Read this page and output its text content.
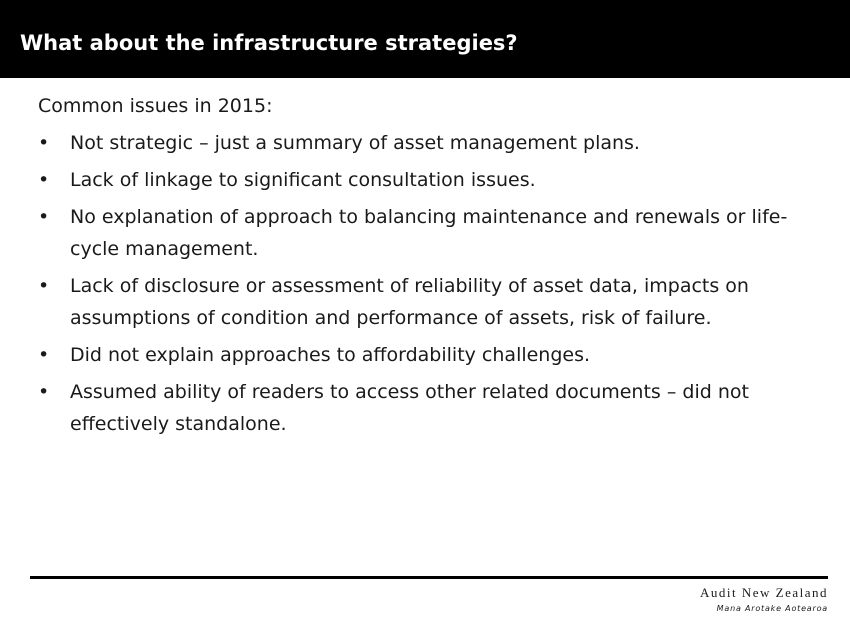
What about the infrastructure strategies?
Common issues in 2015:
• Not strategic – just a summary of asset management plans.
• Lack of linkage to significant consultation issues.
• No explanation of approach to balancing maintenance and renewals or life-cycle management.
• Lack of disclosure or assessment of reliability of asset data, impacts on assumptions of condition and performance of assets, risk of failure.
• Did not explain approaches to affordability challenges.
• Assumed ability of readers to access other related documents – did not effectively standalone.
Audit New Zealand
Mana Arotake Aotearoa
